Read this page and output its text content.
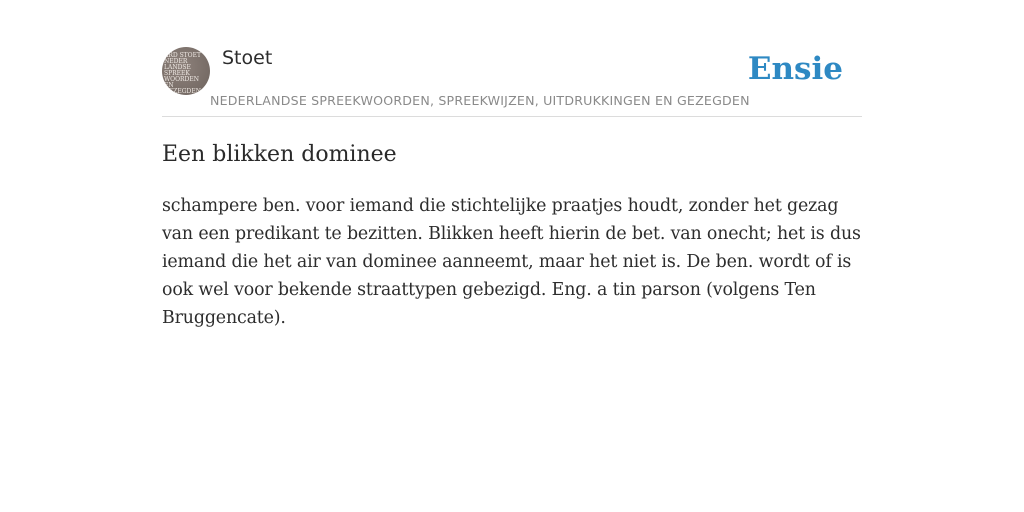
ARD STOET
NEDER
LANDSE
SPREEK
WOORDEN EN
GEZEGDEN
Stoet
NEDERLANDSE SPREEKWOORDEN, SPREEKWIJZEN, UITDRUKKINGEN EN GEZEGDEN
Ensie
Een blikken dominee

schampere ben. voor iemand die stichtelijke praatjes houdt, zonder het gezag van een predikant te bezitten. Blikken heeft hierin de bet. van onecht; het is dus iemand die het air van dominee aanneemt, maar het niet is. De ben. wordt of is ook wel voor bekende straattypen gebezigd. Eng. a tin parson (volgens Ten Bruggencate).
